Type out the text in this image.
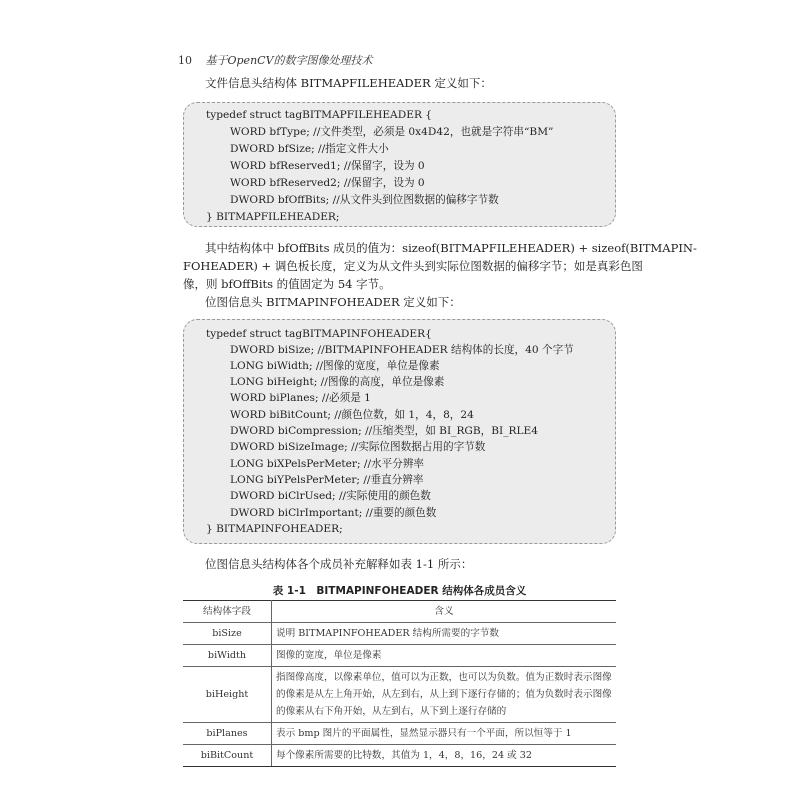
10 基于OpenCV的数字图像处理技术
文件信息头结构体 BITMAPFILEHEADER 定义如下：
typedef struct tagBITMAPFILEHEADER {
WORD bfType; //文件类型，必须是 0x4D42，也就是字符串“BM”
DWORD bfSize; //指定文件大小
WORD bfReserved1; //保留字，设为 0
WORD bfReserved2; //保留字，设为 0
DWORD bfOffBits; //从文件头到位图数据的偏移字节数
} BITMAPFILEHEADER;
其中结构体中 bfOffBits 成员的值为：sizeof(BITMAPFILEHEADER) + sizeof(BITMAPIN-
FOHEADER) + 调色板长度，定义为从文件头到实际位图数据的偏移字节；如是真彩色图
像，则 bfOffBits 的值固定为 54 字节。
位图信息头 BITMAPINFOHEADER 定义如下：
typedef struct tagBITMAPINFOHEADER{
DWORD biSize; //BITMAPINFOHEADER 结构体的长度，40 个字节
LONG biWidth; //图像的宽度，单位是像素
LONG biHeight; //图像的高度，单位是像素
WORD biPlanes; //必须是 1
WORD biBitCount; //颜色位数，如 1，4，8，24
DWORD biCompression; //压缩类型，如 BI_RGB，BI_RLE4
DWORD biSizeImage; //实际位图数据占用的字节数
LONG biXPelsPerMeter; //水平分辨率
LONG biYPelsPerMeter; //垂直分辨率
DWORD biClrUsed; //实际使用的颜色数
DWORD biClrImportant; //重要的颜色数
} BITMAPINFOHEADER;
位图信息头结构体各个成员补充解释如表 1-1 所示：
表 1-1　BITMAPINFOHEADER 结构体各成员含义
结构体字段	含义
biSize	说明 BITMAPINFOHEADER 结构所需要的字节数
biWidth	图像的宽度，单位是像素
biHeight	指图像高度，以像素单位，值可以为正数，也可以为负数。值为正数时表示图像的像素是从左上角开始，从左到右，从上到下逐行存储的；值为负数时表示图像的像素从右下角开始，从左到右，从下到上逐行存储的
biPlanes	表示 bmp 图片的平面属性，显然显示器只有一个平面，所以恒等于 1
biBitCount	每个像素所需要的比特数，其值为 1，4，8，16，24 或 32
